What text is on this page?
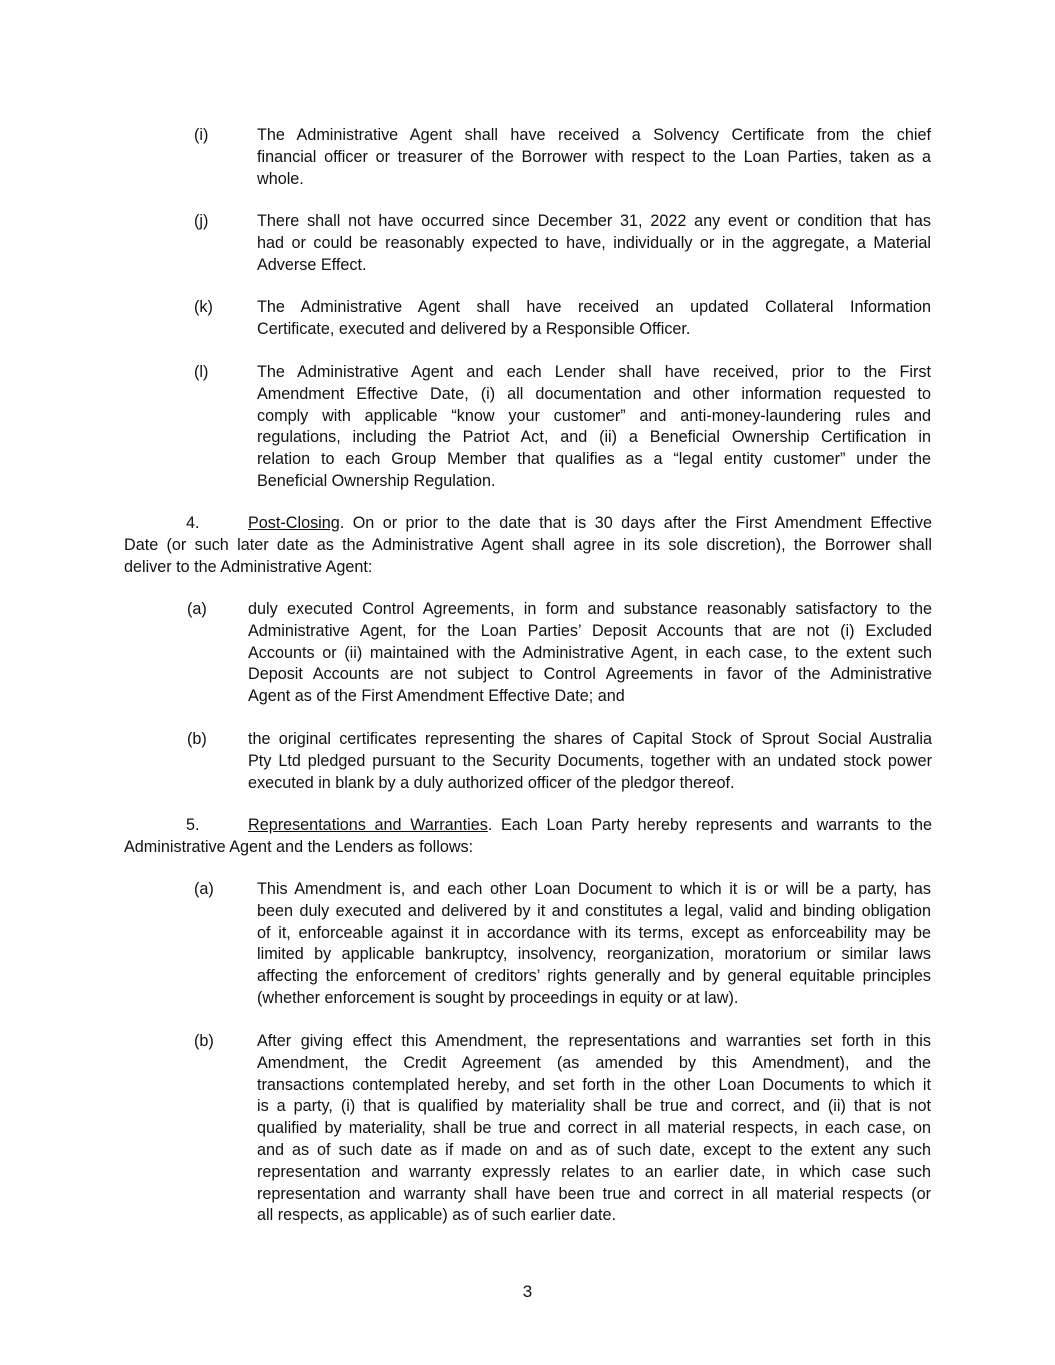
(i)	The Administrative Agent shall have received a Solvency Certificate from the chief
financial officer or treasurer of the Borrower with respect to the Loan Parties, taken as a
whole.
(j)	There shall not have occurred since December 31, 2022 any event or condition that has
had or could be reasonably expected to have, individually or in the aggregate, a Material
Adverse Effect.
(k)	The Administrative Agent shall have received an updated Collateral Information
Certificate, executed and delivered by a Responsible Officer.
(l)	The Administrative Agent and each Lender shall have received, prior to the First
Amendment Effective Date, (i) all documentation and other information requested to
comply with applicable “know your customer” and anti-money-laundering rules and
regulations, including the Patriot Act, and (ii) a Beneficial Ownership Certification in
relation to each Group Member that qualifies as a “legal entity customer” under the
Beneficial Ownership Regulation.
4.	Post-Closing. On or prior to the date that is 30 days after the First Amendment Effective
Date (or such later date as the Administrative Agent shall agree in its sole discretion), the Borrower shall
deliver to the Administrative Agent:
(a)	duly executed Control Agreements, in form and substance reasonably satisfactory to the
Administrative Agent, for the Loan Parties’ Deposit Accounts that are not (i) Excluded
Accounts or (ii) maintained with the Administrative Agent, in each case, to the extent such
Deposit Accounts are not subject to Control Agreements in favor of the Administrative
Agent as of the First Amendment Effective Date; and
(b)	the original certificates representing the shares of Capital Stock of Sprout Social Australia
Pty Ltd pledged pursuant to the Security Documents, together with an undated stock power
executed in blank by a duly authorized officer of the pledgor thereof.
5.	Representations and Warranties. Each Loan Party hereby represents and warrants to the
Administrative Agent and the Lenders as follows:
(a)	This Amendment is, and each other Loan Document to which it is or will be a party, has
been duly executed and delivered by it and constitutes a legal, valid and binding obligation
of it, enforceable against it in accordance with its terms, except as enforceability may be
limited by applicable bankruptcy, insolvency, reorganization, moratorium or similar laws
affecting the enforcement of creditors’ rights generally and by general equitable principles
(whether enforcement is sought by proceedings in equity or at law).
(b)	After giving effect this Amendment, the representations and warranties set forth in this
Amendment, the Credit Agreement (as amended by this Amendment), and the
transactions contemplated hereby, and set forth in the other Loan Documents to which it
is a party, (i) that is qualified by materiality shall be true and correct, and (ii) that is not
qualified by materiality, shall be true and correct in all material respects, in each case, on
and as of such date as if made on and as of such date, except to the extent any such
representation and warranty expressly relates to an earlier date, in which case such
representation and warranty shall have been true and correct in all material respects (or
all respects, as applicable) as of such earlier date.
3
